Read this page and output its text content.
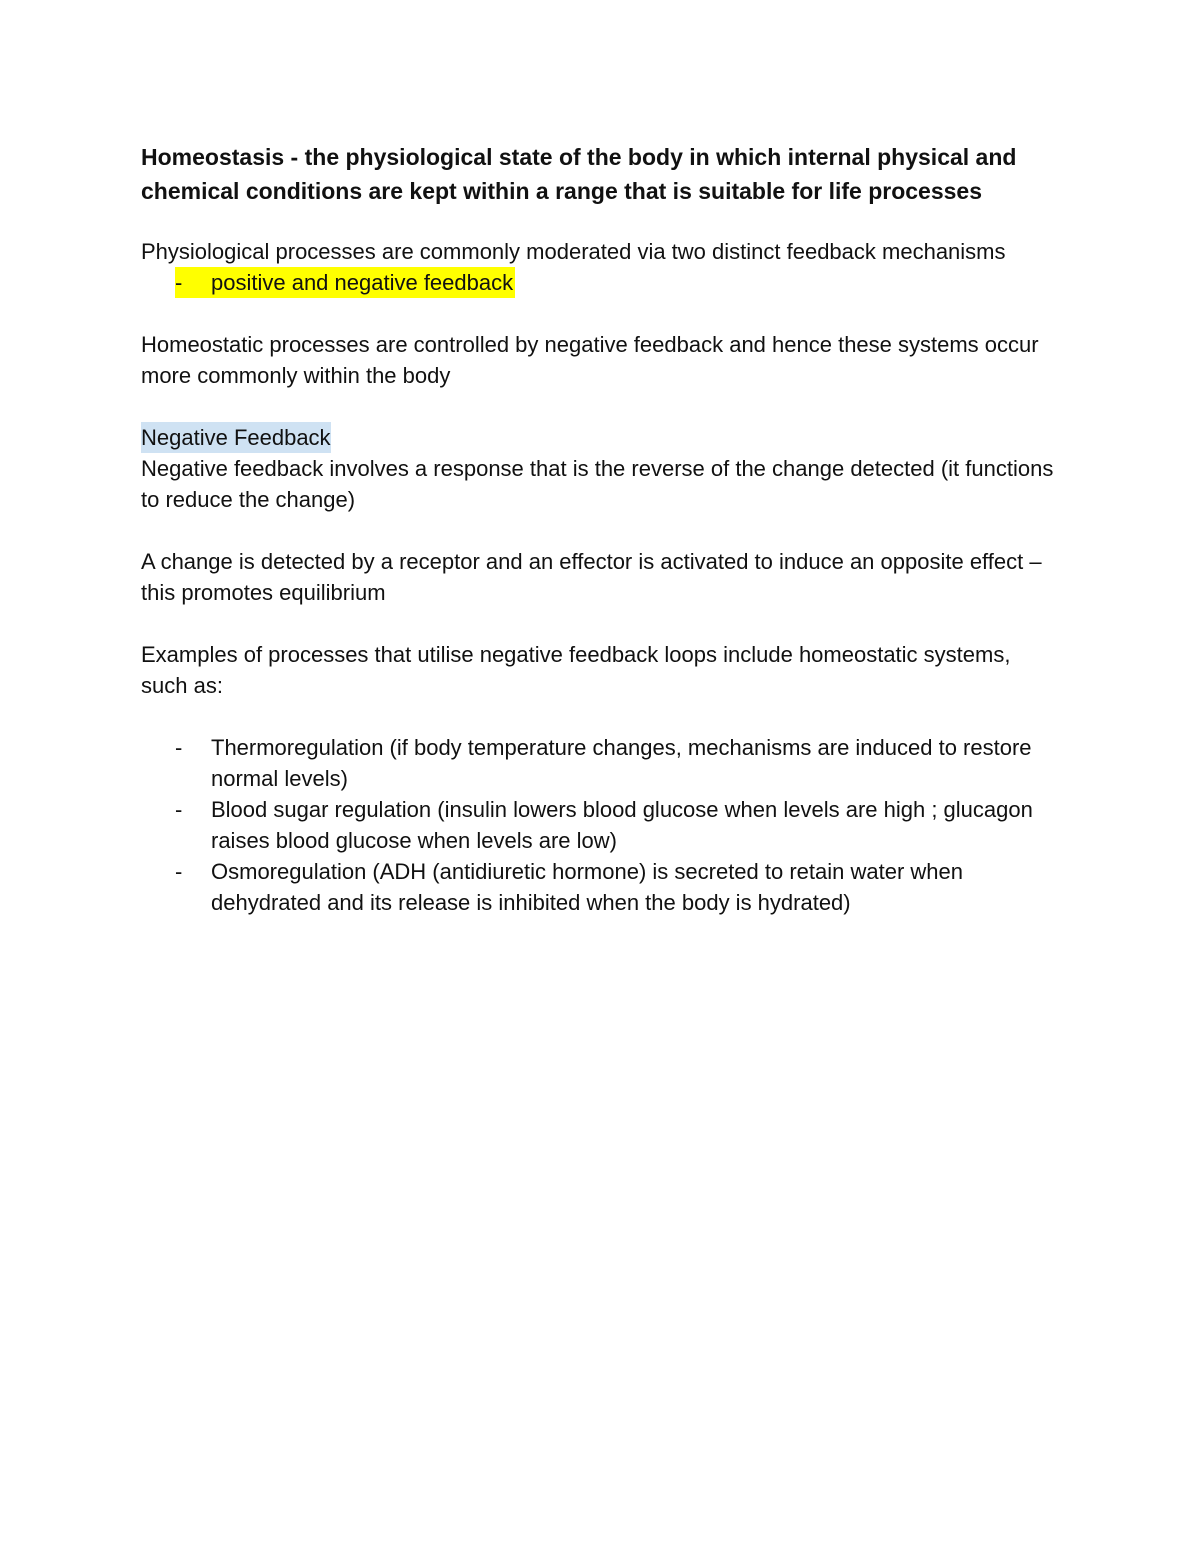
Homeostasis - the physiological state of the body in which internal physical and chemical conditions are kept within a range that is suitable for life processes

Physiological processes are commonly moderated via two distinct feedback mechanisms

-	positive and negative feedback

Homeostatic processes are controlled by negative feedback and hence these systems occur more commonly within the body

Negative Feedback

Negative feedback involves a response that is the reverse of the change detected (it functions to reduce the change)

A change is detected by a receptor and an effector is activated to induce an opposite effect – this promotes equilibrium

Examples of processes that utilise negative feedback loops include homeostatic systems, such as:

-	Thermoregulation (if body temperature changes, mechanisms are induced to restore normal levels)
-	Blood sugar regulation (insulin lowers blood glucose when levels are high ; glucagon raises blood glucose when levels are low)
-	Osmoregulation (ADH (antidiuretic hormone) is secreted to retain water when dehydrated and its release is inhibited when the body is hydrated)
